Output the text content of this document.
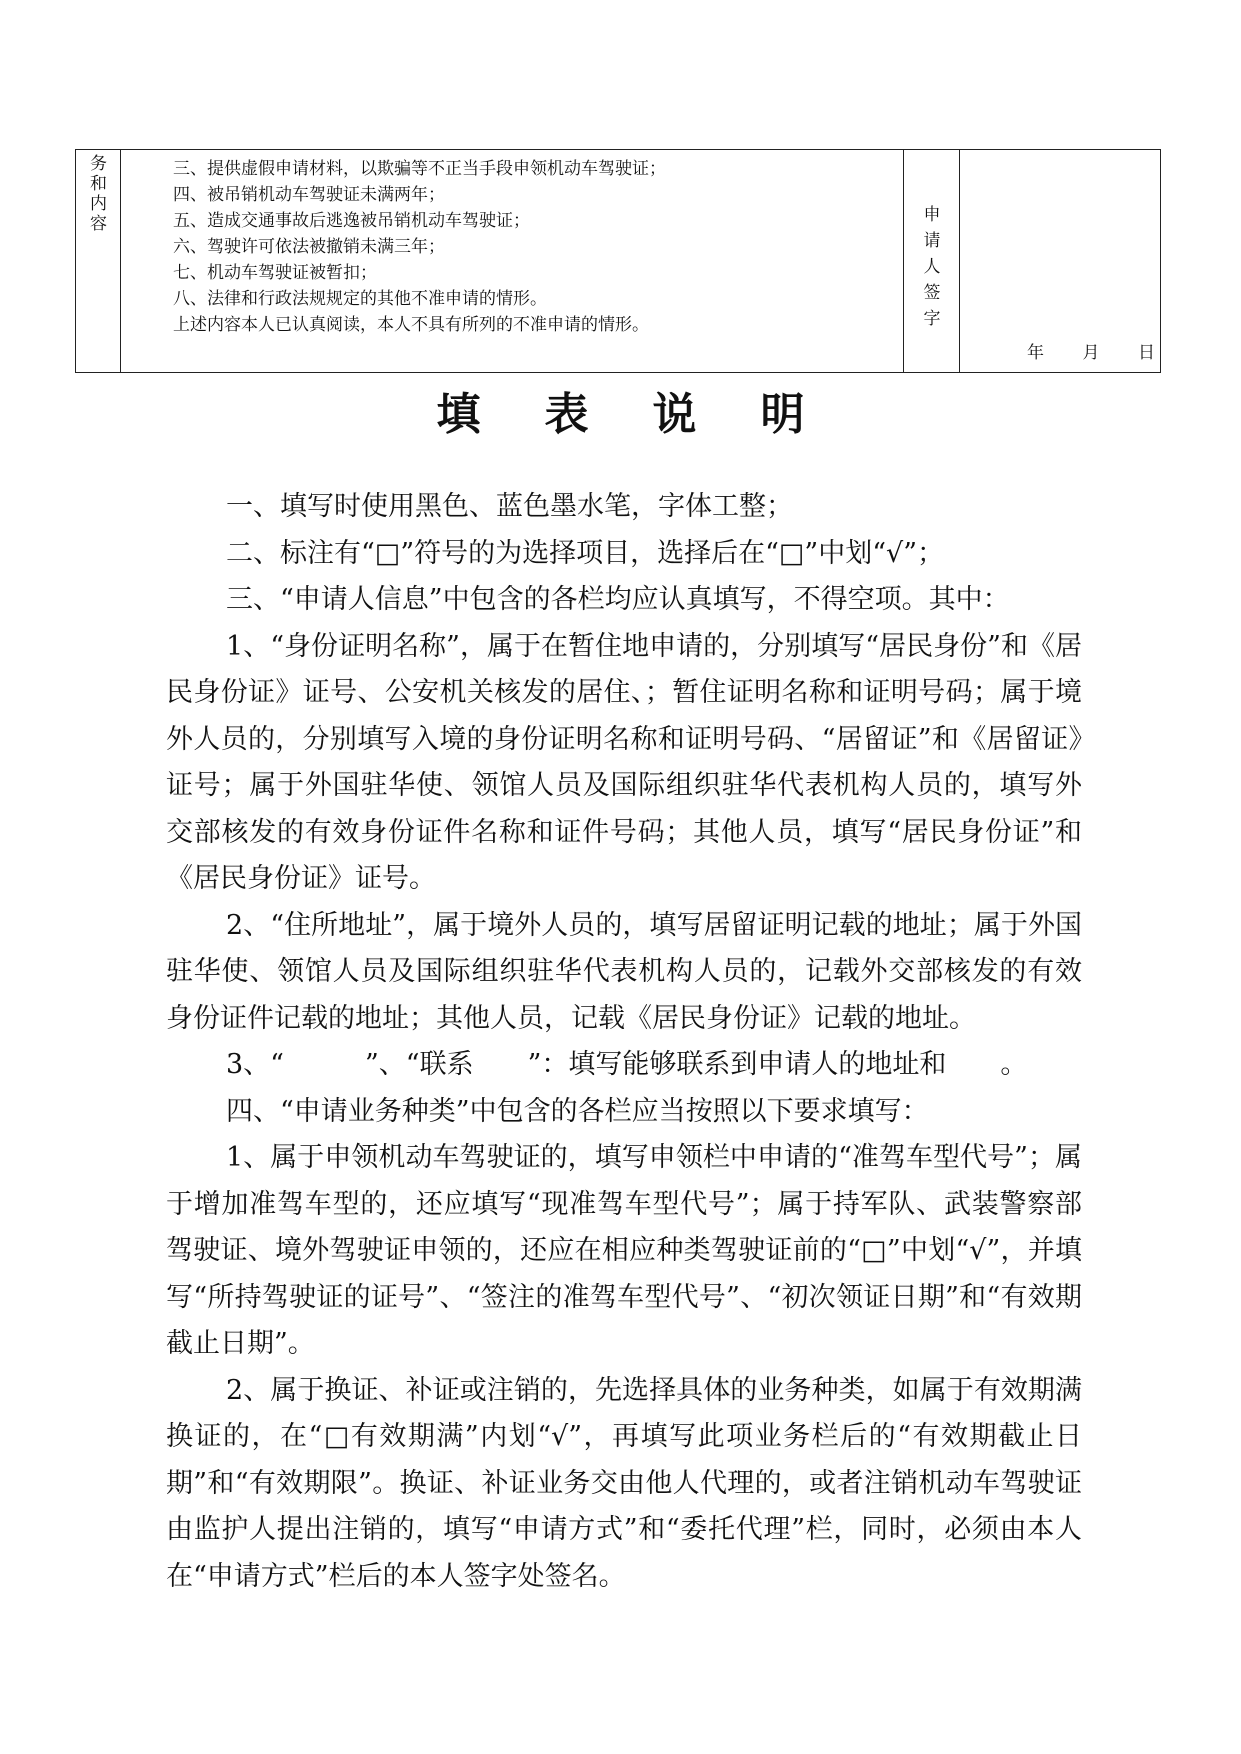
务
和
内
容
三、提供虚假申请材料，以欺骗等不正当手段申领机动车驾驶证；
四、被吊销机动车驾驶证未满两年；
五、造成交通事故后逃逸被吊销机动车驾驶证；
六、驾驶许可依法被撤销未满三年；
七、机动车驾驶证被暂扣；
八、法律和行政法规规定的其他不准申请的情形。
上述内容本人已认真阅读，本人不具有所列的不准申请的情形。
申
请
人
签
字
年 月 日
填表说明

一、填写时使用黑色、蓝色墨水笔，字体工整；

二、标注有“□”符号的为选择项目，选择后在“□”中划“√”；

三、“申请人信息”中包含的各栏均应认真填写，不得空项。其中：

1、“身份证明名称”，属于在暂住地申请的，分别填写“居民身份”和《居民身份证》证号、公安机关核发的居住、；暂住证明名称和证明号码；属于境外人员的，分别填写入境的身份证明名称和证明号码、“居留证”和《居留证》证号；属于外国驻华使、领馆人员及国际组织驻华代表机构人员的，填写外交部核发的有效身份证件名称和证件号码；其他人员，填写“居民身份证”和《居民身份证》证号。

2、“住所地址”，属于境外人员的，填写居留证明记载的地址；属于外国驻华使、领馆人员及国际组织驻华代表机构人员的，记载外交部核发的有效身份证件记载的地址；其他人员，记载《居民身份证》记载的地址。

3、“　　　”、“联系　　”：填写能够联系到申请人的地址和　　。

四、“申请业务种类”中包含的各栏应当按照以下要求填写：

1、属于申领机动车驾驶证的，填写申领栏中申请的“准驾车型代号”；属于增加准驾车型的，还应填写“现准驾车型代号”；属于持军队、武装警察部驾驶证、境外驾驶证申领的，还应在相应种类驾驶证前的“□”中划“√”，并填写“所持驾驶证的证号”、“签注的准驾车型代号”、“初次领证日期”和“有效期截止日期”。

2、属于换证、补证或注销的，先选择具体的业务种类，如属于有效期满换证的，在“□有效期满”内划“√”，再填写此项业务栏后的“有效期截止日期”和“有效期限”。换证、补证业务交由他人代理的，或者注销机动车驾驶证由监护人提出注销的，填写“申请方式”和“委托代理”栏，同时，必须由本人在“申请方式”栏后的本人签字处签名。
